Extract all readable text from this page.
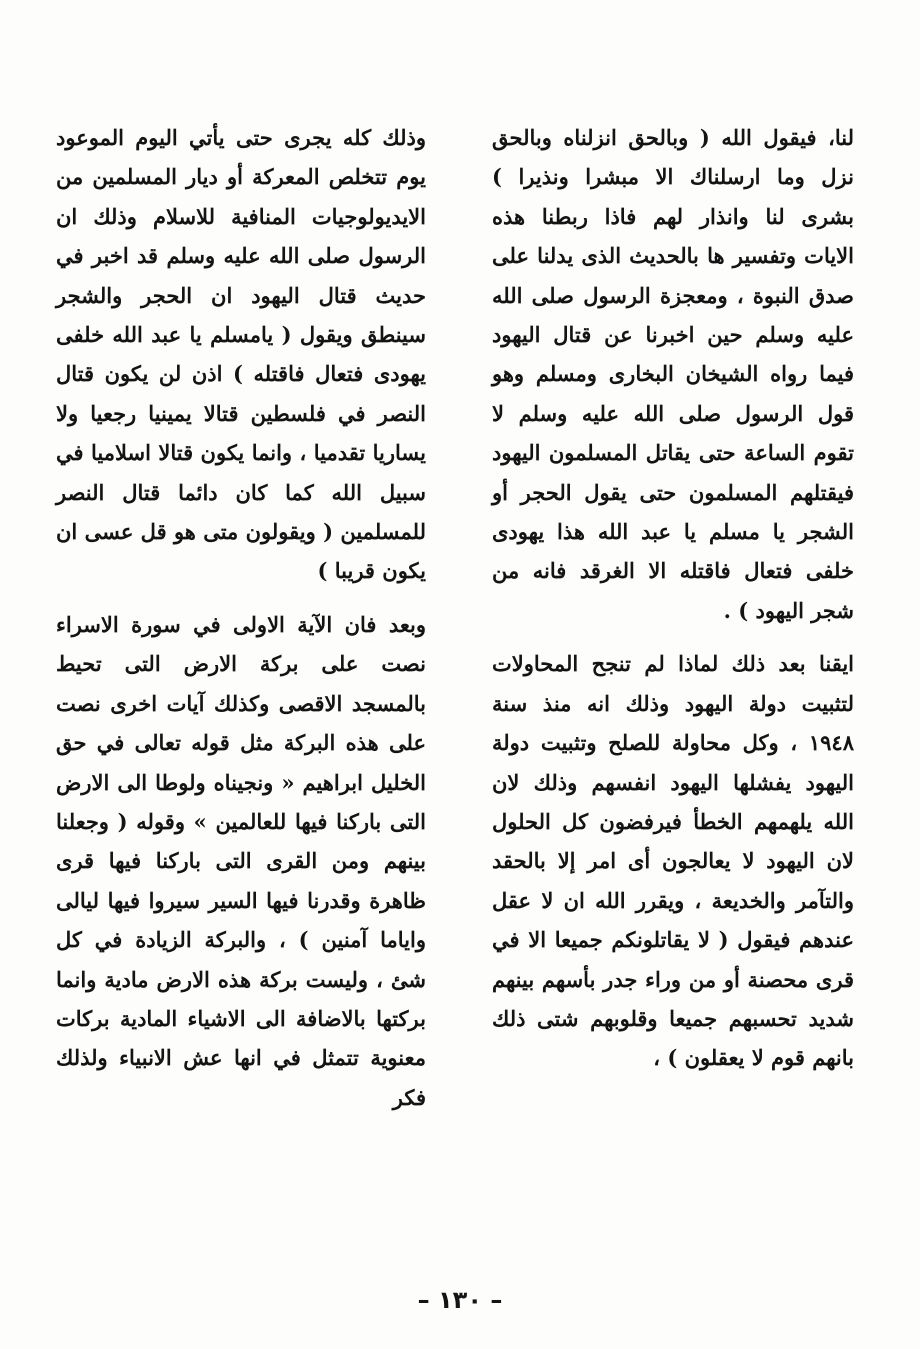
لنا، فيقول الله ( وبالحق انزلناه وبالحق نزل وما ارسلناك الا مبشرا ونذيرا ) بشرى لنا وانذار لهم فاذا ربطنا هذه الايات وتفسير ها بالحديث الذى يدلنا على صدق النبوة ، ومعجزة الرسول صلى الله عليه وسلم حين اخبرنا عن قتال اليهود فيما رواه الشيخان البخارى ومسلم وهو قول الرسول صلى الله عليه وسلم لا تقوم الساعة حتى يقاتل المسلمون اليهود فيقتلهم المسلمون حتى يقول الحجر أو الشجر يا مسلم يا عبد الله هذا يهودى خلفى فتعال فاقتله الا الغرقد فانه من شجر اليهود ) .

ايقنا بعد ذلك لماذا لم تنجح المحاولات لتثبيت دولة اليهود وذلك انه منذ سنة ١٩٤٨ ، وكل محاولة للصلح وتثبيت دولة اليهود يفشلها اليهود انفسهم وذلك لان الله يلهمهم الخطأ فيرفضون كل الحلول لان اليهود لا يعالجون أى امر إلا بالحقد والتآمر والخديعة ، ويقرر الله ان لا عقل عندهم فيقول ( لا يقاتلونكم جميعا الا في قرى محصنة أو من وراء جدر بأسهم بينهم شديد تحسبهم جميعا وقلوبهم شتى ذلك بانهم قوم لا يعقلون ) ،

وذلك كله يجرى حتى يأتي اليوم الموعود يوم تتخلص المعركة أو ديار المسلمين من الايديولوجيات المنافية للاسلام وذلك ان الرسول صلى الله عليه وسلم قد اخبر في حديث قتال اليهود ان الحجر والشجر سينطق ويقول ( يامسلم يا عبد الله خلفى يهودى فتعال فاقتله ) اذن لن يكون قتال النصر في فلسطين قتالا يمينيا رجعيا ولا يساريا تقدميا ، وانما يكون قتالا اسلاميا في سبيل الله كما كان دائما قتال النصر للمسلمين ( ويقولون متى هو قل عسى ان يكون قريبا )

وبعد فان الآية الاولى في سورة الاسراء نصت على بركة الارض التى تحيط بالمسجد الاقصى وكذلك آيات اخرى نصت على هذه البركة مثل قوله تعالى في حق الخليل ابراهيم « ونجيناه ولوطا الى الارض التى باركنا فيها للعالمين » وقوله ( وجعلنا بينهم ومن القرى التى باركنا فيها قرى ظاهرة وقدرنا فيها السير سيروا فيها ليالى واياما آمنين ) ، والبركة الزيادة في كل شئ ، وليست بركة هذه الارض مادية وانما بركتها بالاضافة الى الاشياء المادية بركات معنوية تتمثل في انها عش الانبياء ولذلك فكر

– ١٣٠ –
